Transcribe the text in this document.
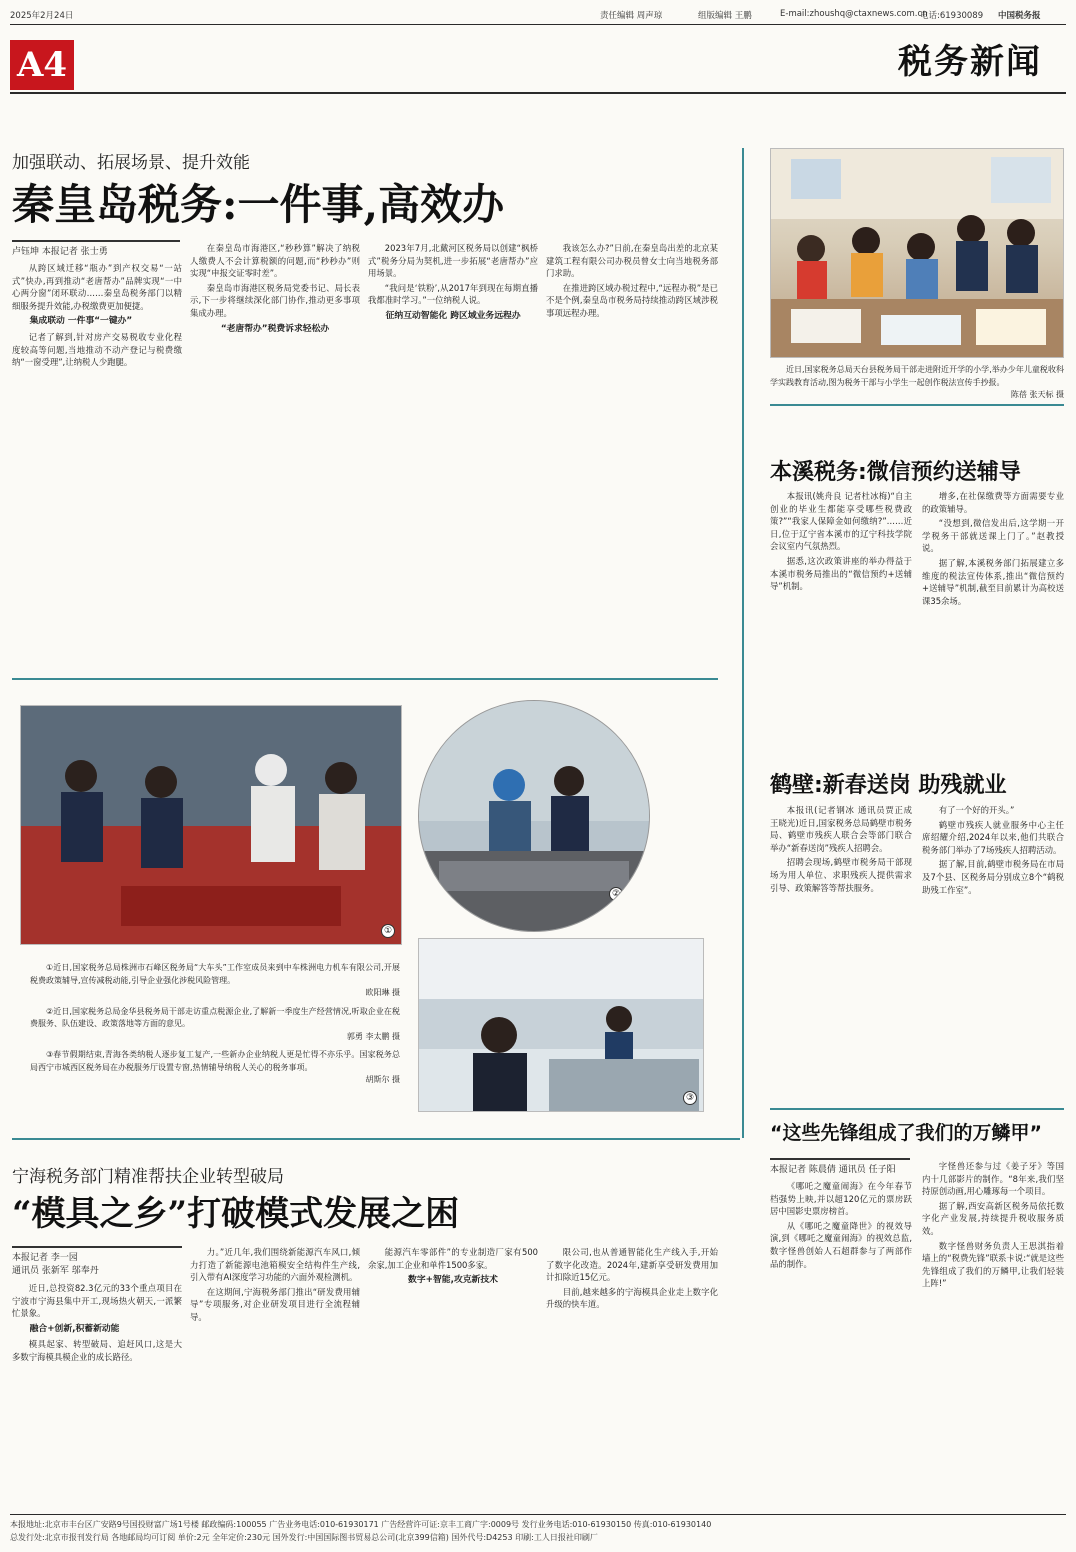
2025年2月24日	责任编辑 周声琼	组版编辑 王鹏	E-mail:zhoushq@ctaxnews.com.cn
电话:61930089 中国税务报
A4	税务新闻
加强联动、拓展场景、提升效能
秦皇岛税务:一件事,高效办
卢钰坤 本报记者 张士勇

从跨区域迁移“瓶办”到产权交易“一站式”快办,再到推动“老唐帮办”品牌实现“一中心两分窗”闭环联动……秦皇岛税务部门以精细服务提升效能,办税缴费更加便捷。

集成联动 一件事“一键办”

记者了解到,针对房产交易税收专业化程度较高等问题,当地推动不动产登记与税费缴纳“一窗受理”,让纳税人少跑腿。

在秦皇岛市海港区,“秒秒算”解决了纳税人缴费人不会计算税额的问题,而“秒秒办”则实现“申报交证零时差”。

秦皇岛市海港区税务局党委书记、局长表示,下一步将继续深化部门协作,推动更多事项集成办理。

“老唐帮办”税费诉求轻松办

2023年7月,北戴河区税务局以创建“枫桥式”税务分局为契机,进一步拓展“老唐帮办”应用场景。

“我问是‘铁粉’,从2017年到现在每期直播我都准时学习。”一位纳税人说。

征纳互动智能化 跨区域业务远程办

我该怎么办?”日前,在秦皇岛出差的北京某建筑工程有限公司办税员曾女士向当地税务部门求助。

在推进跨区域办税过程中,“远程办税”是已不是个例,秦皇岛市税务局持续推动跨区域涉税事项远程办理。

近日,国家税务总局天台县税务局干部走进附近开学的小学,举办少年儿童税收科学实践教育活动,图为税务干部与小学生一起创作税法宣传手抄报。

陈蓓 张天标 摄
本溪税务:微信预约送辅导

本报讯(姚舟良 记者杜冰梅)“自主创业的毕业生都能享受哪些税费政策?”“我家人保障金如何缴纳?”……近日,位于辽宁省本溪市的辽宁科技学院会议室内气氛热烈。

据悉,这次政策讲座的举办得益于本溪市税务局推出的“微信预约+送辅导”机制。

增多,在社保缴费等方面需要专业的政策辅导。

“没想到,微信发出后,这学期一开学税务干部就送课上门了。”赵教授说。

据了解,本溪税务部门拓展建立多维度的税法宣传体系,推出“微信预约+送辅导”机制,截至目前累计为高校送课35余场。

鹤壁:新春送岗 助残就业

本报讯(记者钢冰 通讯员贾正成 王晓光)近日,国家税务总局鹤壁市税务局、鹤壁市残疾人联合会等部门联合举办“新春送岗”残疾人招聘会。

招聘会现场,鹤壁市税务局干部现场为用人单位、求职残疾人提供需求引导、政策解答等帮扶服务。

有了一个好的开头。”

鹤壁市残疾人就业服务中心主任席绍耀介绍,2024年以来,他们共联合税务部门举办了7场残疾人招聘活动。

据了解,目前,鹤壁市税务局在市局及7个县、区税务局分别成立8个“鹤税助残工作室”。

①
②
③

①近日,国家税务总局株洲市石峰区税务局“大车头”工作室成员来到中车株洲电力机车有限公司,开展税费政策辅导,宣传减税动能,引导企业强化涉税风险管理。

欧阳琳 摄

②近日,国家税务总局金华县税务局干部走访重点税源企业,了解新一季度生产经营情况,听取企业在税费服务、队伍建设、政策落地等方面的意见。

郭勇 李太鹏 摄

③春节假期结束,青海各类纳税人逐步复工复产,一些新办企业纳税人更是忙得不亦乐乎。国家税务总局西宁市城西区税务局在办税服务厅设置专窗,热情辅导纳税人关心的税务事项。

胡斯尔 摄
宁海税务部门精准帮扶企业转型破局
“模具之乡”打破模式发展之困
本报记者 李一园
通讯员 张新军 邬奉丹

近日,总投资82.3亿元的33个重点项目在宁波市宁海县集中开工,现场热火朝天,一派繁忙景象。

融合+创新,积蓄新动能

模具起家、转型破局、追赶风口,这是大多数宁海模具模企业的成长路径。

力。”近几年,我们围绕新能源汽车风口,倾力打造了新能源电池箱模安全结构件生产线,引入带有AI深度学习功能的六面外观检测机。

在这期间,宁海税务部门推出“研发费用辅导”专项服务,对企业研发项目进行全流程辅导。

能源汽车零部件”的专业制造厂家有500余家,加工企业和单件1500多家。

数字+智能,攻克新技术

限公司,也从普通智能化生产线入手,开始了数字化改造。2024年,建新享受研发费用加计扣除近15亿元。

目前,越来越多的宁海模具企业走上数字化升级的快车道。

“这些先锋组成了我们的万鳞甲”
本报记者 陈晨倩 通讯员 任子阳

《哪吒之魔童闹海》在今年春节档强势上映,并以超120亿元的票房跃居中国影史票房榜首。

从《哪吒之魔童降世》的视效导演,到《哪吒之魔童闹海》的视效总监,数字怪兽创始人石超群参与了两部作品的制作。

字怪兽还参与过《姜子牙》等国内十几部影片的制作。“8年来,我们坚持原创动画,用心雕琢每一个项目。

据了解,西安高新区税务局依托数字化产业发展,持续提升税收服务质效。

数字怪兽财务负责人王思淇指着墙上的“税费先锋”联系卡说:“就是这些先锋组成了我们的万鳞甲,让我们轻装上阵!”

本报地址:北京市丰台区广安路9号国投财富广场1号楼 邮政编码:100055 广告业务电话:010-61930171 广告经营许可证:京丰工商广字:0009号 发行业务电话:010-61930150 传真:010-61930140
总发行处:北京市报刊发行局 各地邮局均可订阅 单价:2元 全年定价:230元 国外发行:中国国际图书贸易总公司(北京399信箱) 国外代号:D4253 印刷:工人日报社印刷厂
